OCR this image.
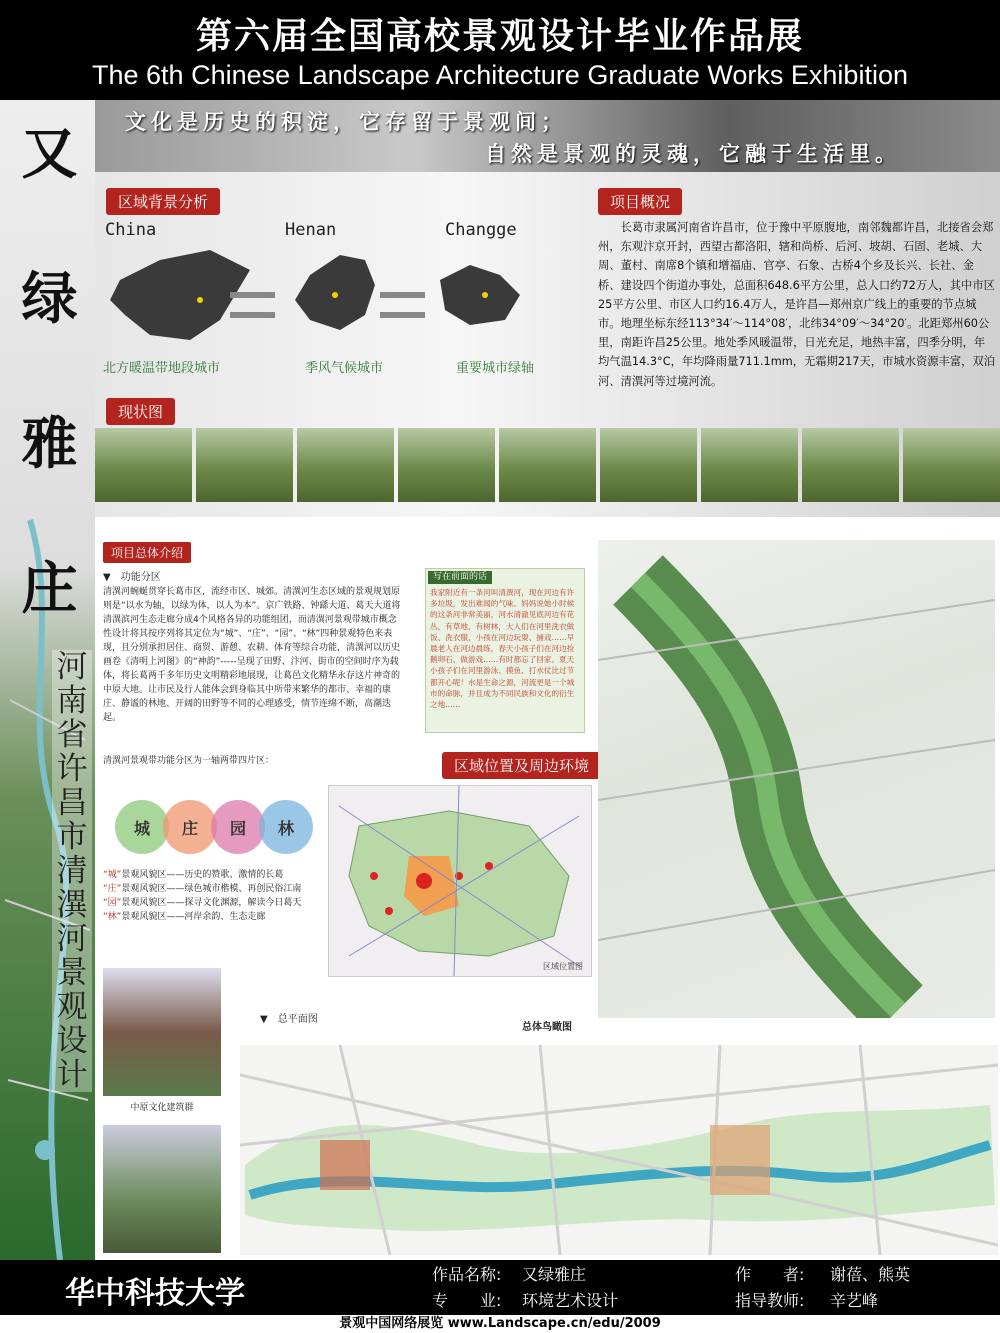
第六届全国高校景观设计毕业作品展
The 6th Chinese Landscape Architecture Graduate Works Exhibition
又
绿
雅
庄
河南省许昌市清潩河景观设计
文化是历史的积淀，它存留于景观间；
自然是景观的灵魂，它融于生活里。
区域背景分析	项目概况
China	Henan	Changge
北方暖温带地段城市	季风气候城市	重要城市绿轴
长葛市隶属河南省许昌市，位于豫中平原腹地，南邻魏都许昌，北接省会郑州，东观汴京开封，西望古都洛阳，辖和尚桥、后河、坡胡、石固、老城、大周、董村、南席8个镇和增福庙、官亭、石象、古桥4个乡及长兴、长社、金桥、建设四个街道办事处，总面积648.6平方公里，总人口约72万人，其中市区25平方公里、市区人口约16.4万人，是许昌—郑州京广线上的重要的节点城市。地理坐标东经113°34′～114°08′，北纬34°09′～34°20′。北距郑州60公里，南距许昌25公里。地处季风暖温带，日光充足，地热丰富，四季分明，年均气温14.3°C，年均降雨量711.1mm，无霜期217天，市城水资源丰富，双泊河、清潩河等过境河流。
现状图
项目总体介绍
▼　功能分区
清潩河蜿蜒贯穿长葛市区，流经市区、城郊。清潩河生态区域的景观规划原则是“以水为轴，以绿为体，以人为本”。京广铁路、钟繇大道、葛天大道将清潩滨河生态走廊分成4个风格各异的功能组团，而清潩河景观带城市概念性设计将其按序列将其定位为“城”、“庄”、“园”、“林”四种景观特色来表现，且分别承担居住、商贸、游憩、农耕、体育等综合功能，清潩河以历史画卷《清明上河图》的“神韵”-----呈现了田野、汴河、街市的空间时序为载体，将长葛两千多年历史文明精彩地展现，让葛邑文化精华永存这片神奇的中原大地。让市民及行人能体会到身临其中所带来繁华的都市、幸福的康庄、静谧的林地、开阔的田野等不同的心理感受，情节连绵不断，高潮迭起。
清潩河景观带功能分区为一轴两带四片区：
城	庄	园	林
“城”景观风貌区——历史的赞歌、激情的长葛
“庄”景观风貌区——绿色城市楷模、再创民俗江南
“园”景观风貌区——探寻文化渊源，解读今日葛天
“林”景观风貌区——河岸余韵、生态走廊
写在前面的话
我家附近有一条河叫清潩河，现在河边有许多垃圾，发出难闻的气味。妈妈说她小时候的这条河非常美丽，河水清澈见底河边有花丛，有草地，有树林，大人们在河里洗衣做饭、洗衣服，小孩在河边玩耍、捕戏……早晨老人在河边晨练，春天小孩子们在河边捡鹅卵石、做游戏……有时都忘了回家。夏天小孩子们在河里游泳、摸鱼、打水仗比过节都开心呢！水是生命之源，河流更是一个城市的命脉，并且成为不同民族和文化的衍生之地……
区域位置及周边环境
区域位置图
中原文化建筑群
▼　总平面图
总体鸟瞰图
华中科技大学
作品名称: 又绿雅庄
专　　业: 环境艺术设计
作　　者: 谢蓓、熊英
指导教师: 辛艺峰
景观中国网络展览 www.Landscape.cn/edu/2009
